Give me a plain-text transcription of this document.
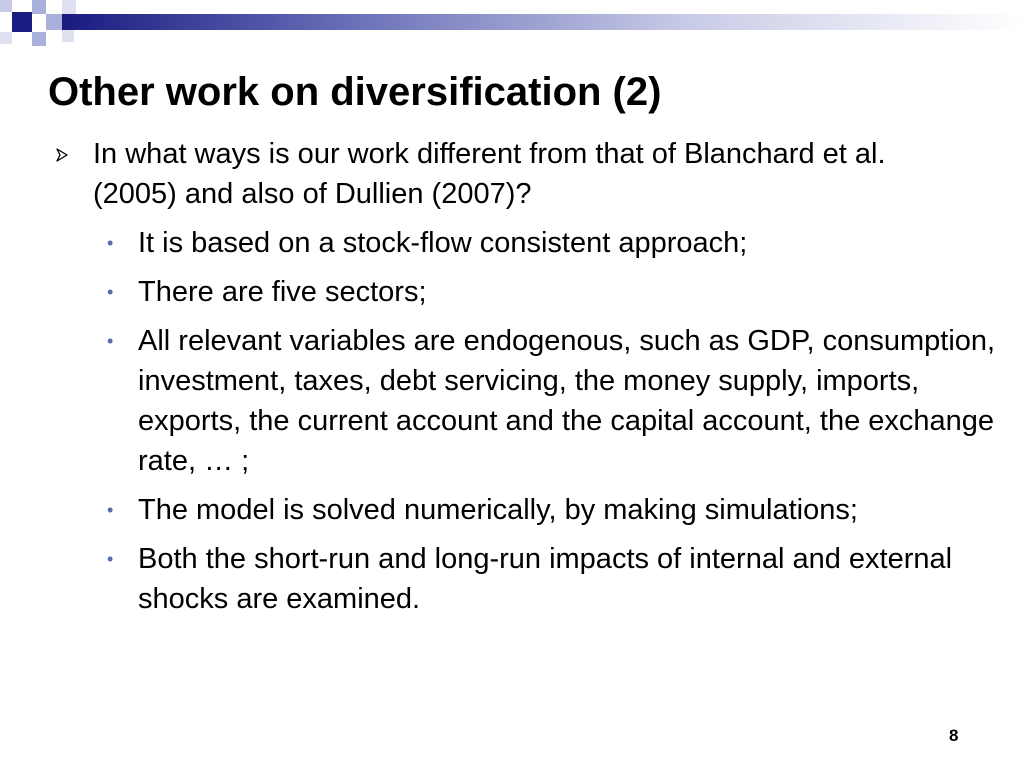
Other work on diversification (2)
In what ways is our work different from that of Blanchard et al. (2005) and also of Dullien (2007)?
• It is based on a stock-flow consistent approach;
• There are five sectors;
• All relevant variables are endogenous, such as GDP, consumption, investment, taxes, debt servicing, the money supply, imports, exports, the current account and the capital account, the exchange rate, … ;
• The model is solved numerically, by making simulations;
• Both the short-run and long-run impacts of internal and external shocks are examined.
8
